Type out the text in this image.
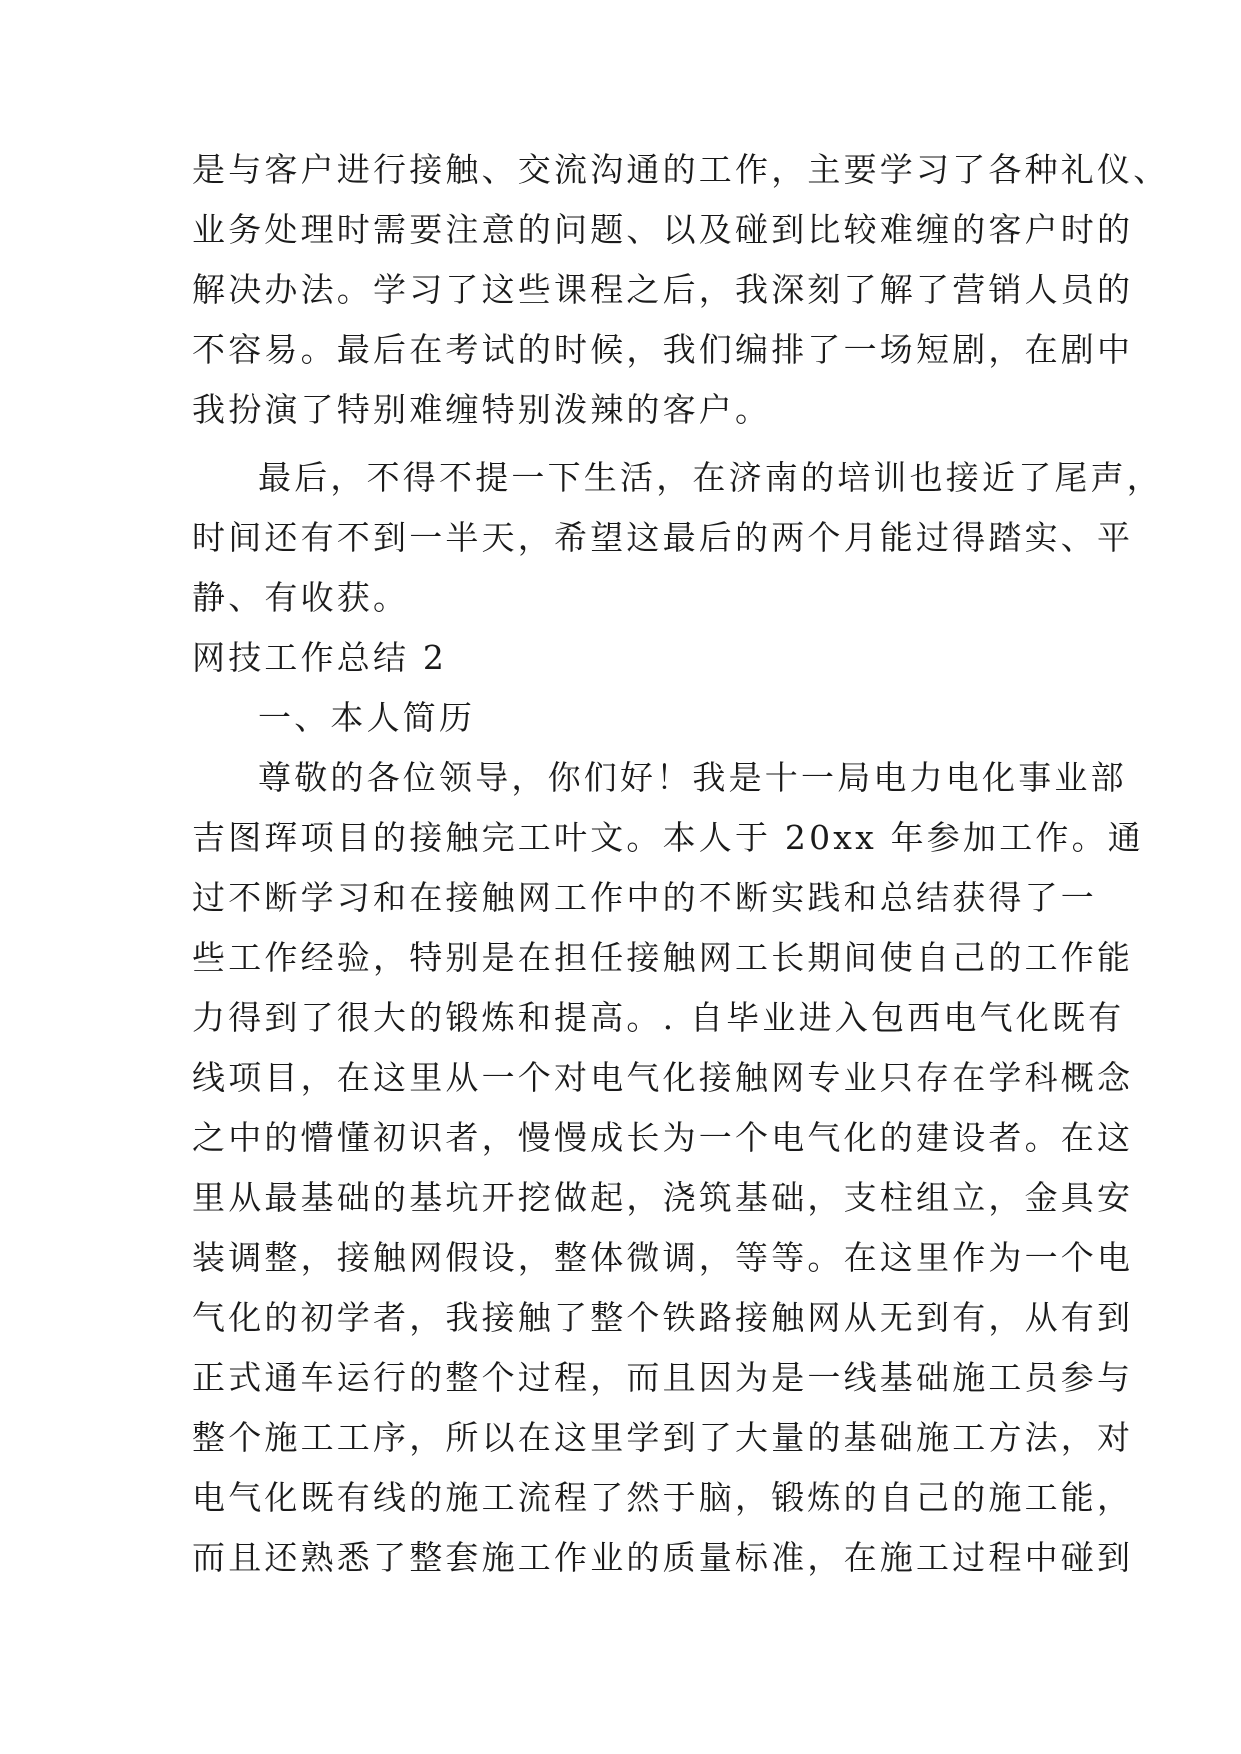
是与客户进行接触、交流沟通的工作，主要学习了各种礼仪、
业务处理时需要注意的问题、以及碰到比较难缠的客户时的
解决办法。学习了这些课程之后，我深刻了解了营销人员的
不容易。最后在考试的时候，我们编排了一场短剧，在剧中
我扮演了特别难缠特别泼辣的客户。
最后，不得不提一下生活，在济南的培训也接近了尾声，
时间还有不到一半天，希望这最后的两个月能过得踏实、平
静、有收获。
网技工作总结 2
一、本人简历
尊敬的各位领导，你们好！我是十一局电力电化事业部
吉图珲项目的接触完工叶文。本人于 20xx 年参加工作。通
过不断学习和在接触网工作中的不断实践和总结获得了一
些工作经验，特别是在担任接触网工长期间使自己的工作能
力得到了很大的锻炼和提高。. 自毕业进入包西电气化既有
线项目，在这里从一个对电气化接触网专业只存在学科概念
之中的懵懂初识者，慢慢成长为一个电气化的建设者。在这
里从最基础的基坑开挖做起，浇筑基础，支柱组立，金具安
装调整，接触网假设，整体微调，等等。在这里作为一个电
气化的初学者，我接触了整个铁路接触网从无到有，从有到
正式通车运行的整个过程，而且因为是一线基础施工员参与
整个施工工序，所以在这里学到了大量的基础施工方法，对
电气化既有线的施工流程了然于脑，锻炼的自己的施工能，
而且还熟悉了整套施工作业的质量标准，在施工过程中碰到
